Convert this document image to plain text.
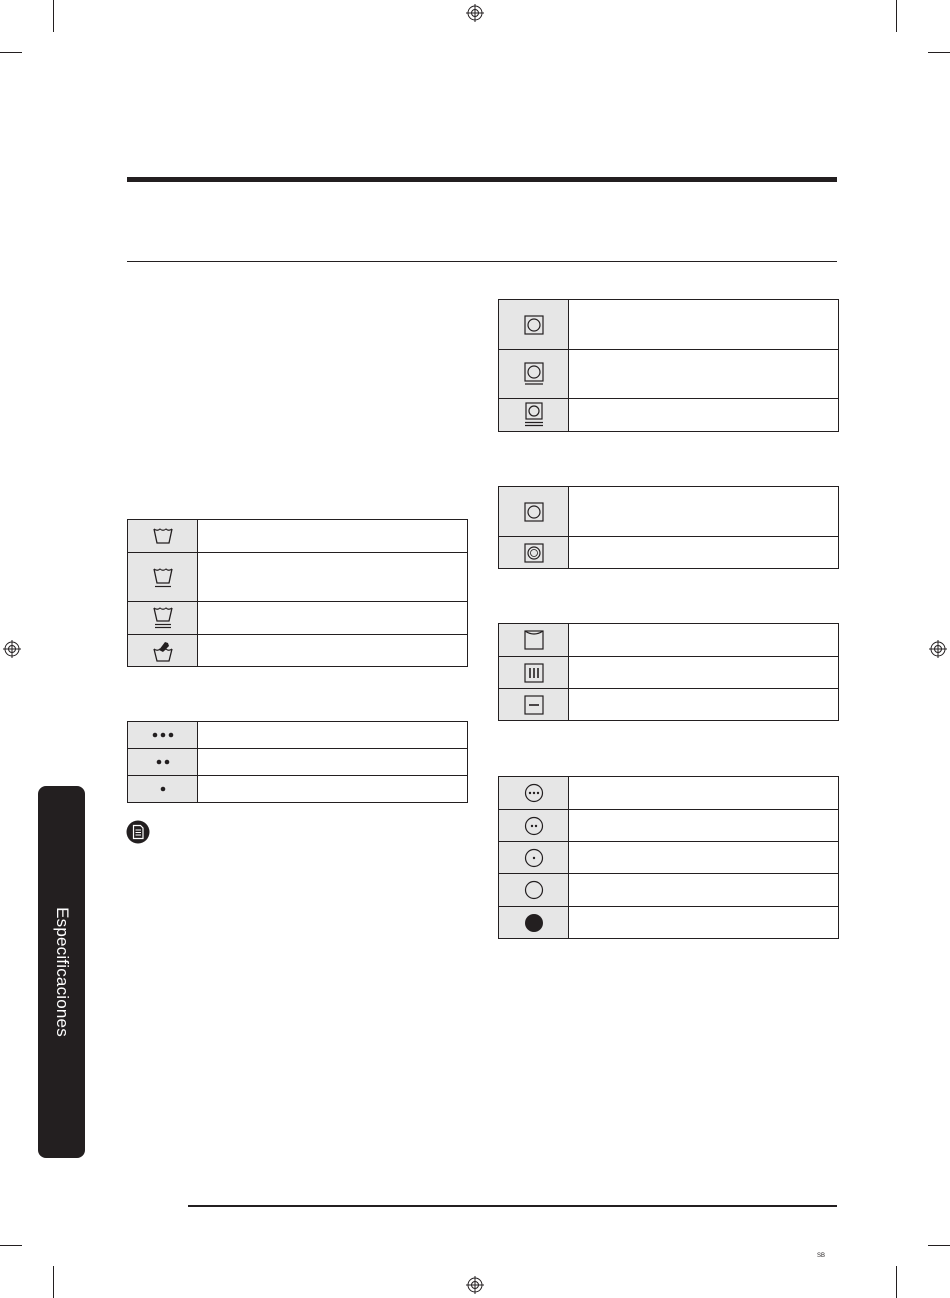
Especificaciones
SB
